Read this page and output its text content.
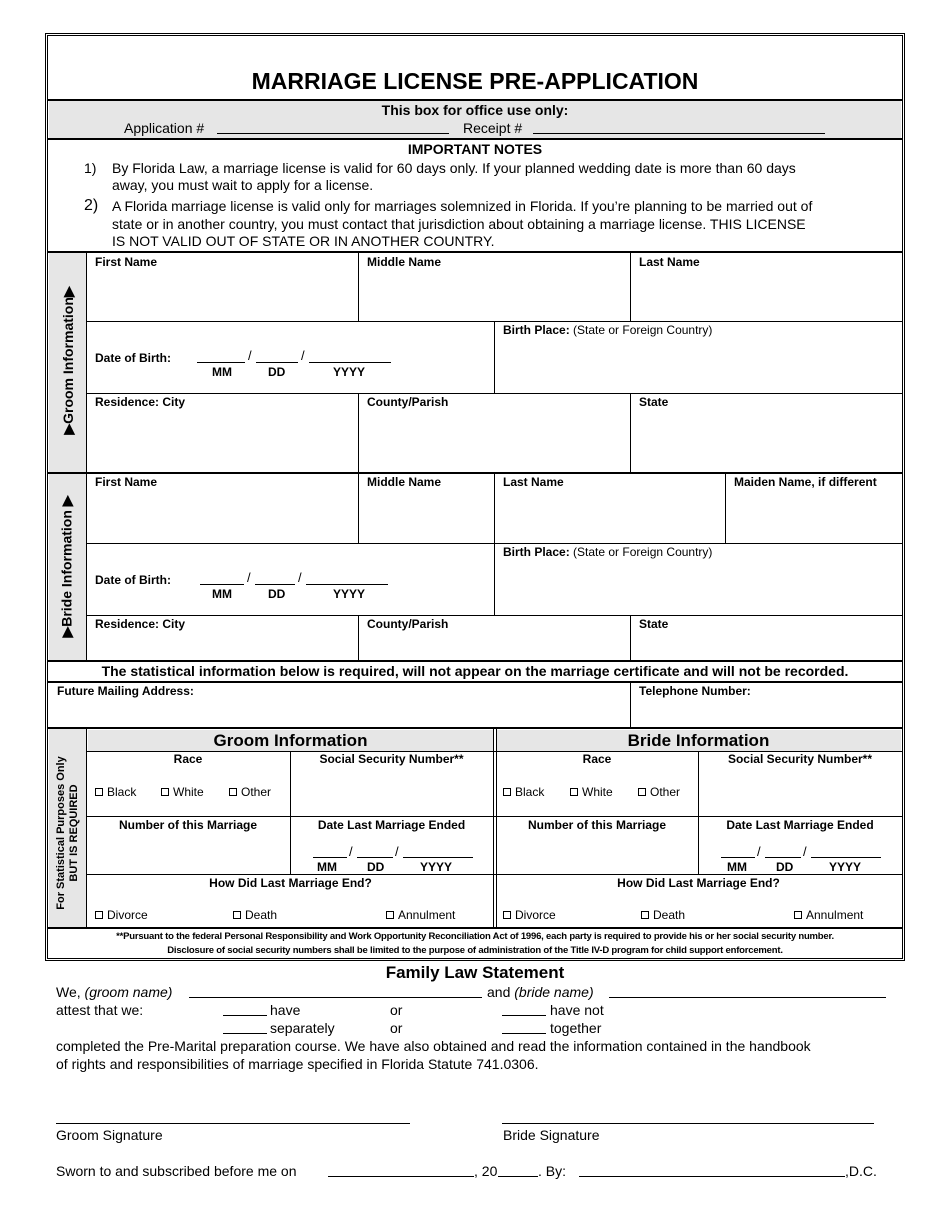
MARRIAGE LICENSE PRE-APPLICATION
This box for office use only:
Application #	Receipt #
IMPORTANT NOTES
1) By Florida Law, a marriage license is valid for 60 days only. If your planned wedding date is more than 60 days
away, you must wait to apply for a license.
2) A Florida marriage license is valid only for marriages solemnized in Florida. If you’re planning to be married out of
state or in another country, you must contact that jurisdiction about obtaining a marriage license. THIS LICENSE
IS NOT VALID OUT OF STATE OR IN ANOTHER COUNTRY.
▶Groom Information▶
First Name	Middle Name	Last Name
Date of Birth:	/	/
MM	DD	YYYY
Birth Place: (State or Foreign Country)
Residence: City	County/Parish	State
▶Bride Information ▶
First Name	Middle Name	Last Name	Maiden Name, if different
Date of Birth:	/	/
MM	DD	YYYY
Birth Place: (State or Foreign Country)
Residence: City	County/Parish	State
The statistical information below is required, will not appear on the marriage certificate and will not be recorded.
Future Mailing Address:	Telephone Number:
For Statistical Purposes Only
BUT IS REQUIRED
Groom Information	Bride Information
Race	Social Security Number**
Black	White	Other
Number of this Marriage	Date Last Marriage Ended
/	/
MM	DD	YYYY
How Did Last Marriage End?
Divorce	Death	Annulment
Race	Social Security Number**
Black	White	Other
Number of this Marriage	Date Last Marriage Ended
/	/
MM DD	YYYY
How Did Last Marriage End?
Divorce	Death	Annulment
**Pursuant to the federal Personal Responsibility and Work Opportunity Reconciliation Act of 1996, each party is required to provide his or her social security number.
Disclosure of social security numbers shall be limited to the purpose of administration of the Title IV-D program for child support enforcement.
Family Law Statement
We, (groom name)	and (bride name)
attest that we:	have	or	have not
separately	or	together
completed the Pre-Marital preparation course. We have also obtained and read the information contained in the handbook
of rights and responsibilities of marriage specified in Florida Statute 741.0306.
Groom Signature	Bride Signature
Sworn to and subscribed before me on	, 20	. By:	,D.C.
